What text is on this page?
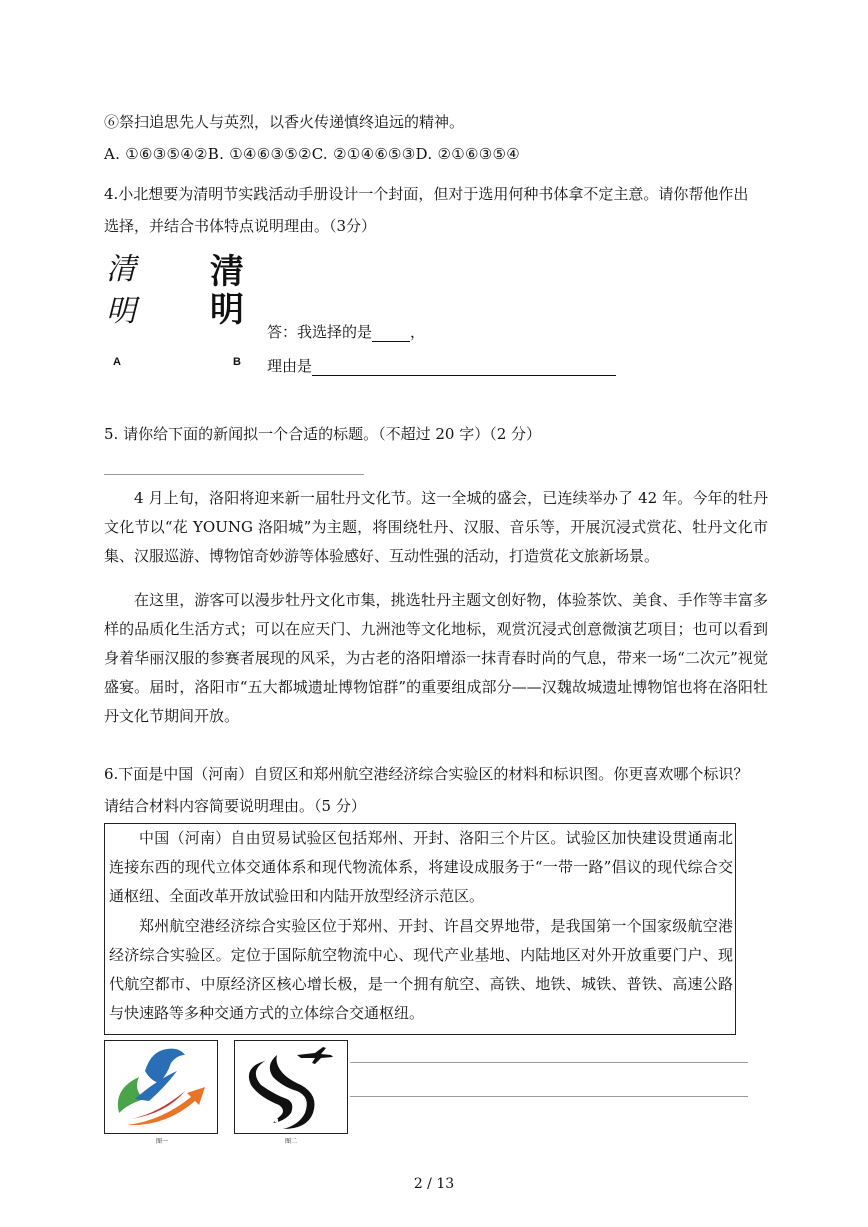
⑥祭扫追思先人与英烈，以香火传递慎终追远的精神。
A. ①⑥③⑤④②B. ①④⑥③⑤②C. ②①④⑥⑤③D. ②①⑥③⑤④
4.小北想要为清明节实践活动手册设计一个封面，但对于选用何种书体拿不定主意。请你帮他作出
选择，并结合书体特点说明理由。（3分）
清
明
A
清
明
B
答：我选择的是	，
理由是
5. 请你给下面的新闻拟一个合适的标题。（不超过 20 字）（2 分）
4 月上旬，洛阳将迎来新一届牡丹文化节。这一全城的盛会，已连续举办了 42 年。今年的牡丹文化节以“花 YOUNG 洛阳城”为主题，将围绕牡丹、汉服、音乐等，开展沉浸式赏花、牡丹文化市集、汉服巡游、博物馆奇妙游等体验感好、互动性强的活动，打造赏花文旅新场景。
在这里，游客可以漫步牡丹文化市集，挑选牡丹主题文创好物，体验茶饮、美食、手作等丰富多样的品质化生活方式；可以在应天门、九洲池等文化地标，观赏沉浸式创意微演艺项目；也可以看到身着华丽汉服的参赛者展现的风采，为古老的洛阳增添一抹青春时尚的气息，带来一场“二次元”视觉盛宴。届时，洛阳市“五大都城遗址博物馆群”的重要组成部分——汉魏故城遗址博物馆也将在洛阳牡丹文化节期间开放。
6.下面是中国（河南）自贸区和郑州航空港经济综合实验区的材料和标识图。你更喜欢哪个标识？
请结合材料内容简要说明理由。（5 分）
中国（河南）自由贸易试验区包括郑州、开封、洛阳三个片区。试验区加快建设贯通南北连接东西的现代立体交通体系和现代物流体系，将建设成服务于“一带一路”倡议的现代综合交通枢纽、全面改革开放试验田和内陆开放型经济示范区。
郑州航空港经济综合实验区位于郑州、开封、许昌交界地带，是我国第一个国家级航空港经济综合实验区。定位于国际航空物流中心、现代产业基地、内陆地区对外开放重要门户、现代航空都市、中原经济区核心增长极，是一个拥有航空、高铁、地铁、城铁、普铁、高速公路与快速路等多种交通方式的立体综合交通枢纽。
图一	图二
2 / 13
